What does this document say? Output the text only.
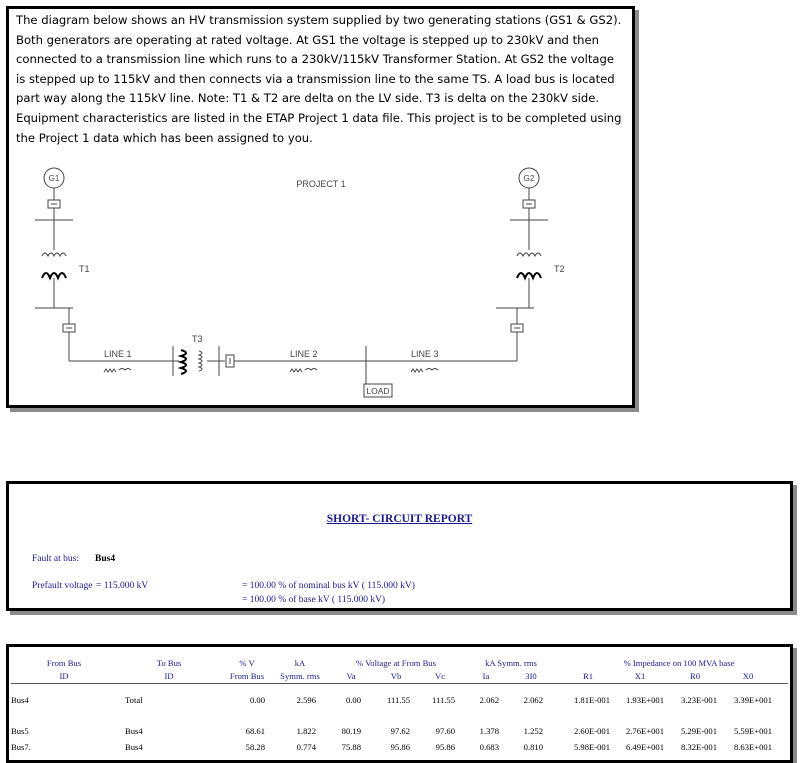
The diagram below shows an HV transmission system supplied by two generating stations (GS1 & GS2). Both generators are operating at rated voltage. At GS1 the voltage is stepped up to 230kV and then connected to a transmission line which runs to a 230kV/115kV Transformer Station. At GS2 the voltage is stepped up to 115kV and then connects via a transmission line to the same TS. A load bus is located part way along the 115kV line. Note: T1 & T2 are delta on the LV side. T3 is delta on the 230kV side.
Equipment characteristics are listed in the ETAP Project 1 data file. This project is to be completed using the Project 1 data which has been assigned to you.
G1	G2
PROJECT 1
T1	T2
T3
LINE 1	LINE 2	LINE 3
LOAD
SHORT- CIRCUIT REPORT
Fault at bus: Bus4
Prefault voltage = 115.000 kV	= 100.00 % of nominal bus kV ( 115.000 kV)
= 100.00 % of base kV ( 115.000 kV)
From Bus
ID
To Bus
ID
% V
From Bus
kA
Symm. rms
% Voltage at From Bus
Va	Vb	Vc
kA Symm. rms
Ia	3I0
% Impedance on 100 MVA base
R1	X1	R0	X0
Bus4	Total	0.00	2.596	0.00	111.55	111.55	2.062	2.062	1.81E-001 1.93E+001 3.23E-001 3.39E+001
Bus5	Bus4	68.61	1.822	80.19	97.62	97.60	1.378	1.252	2.60E-001 2.76E+001 5.29E-001 5.59E+001
Bus7.	Bus4	58.28	0.774	75.88	95.86	95.86	0.683	0.810	5.98E-001 6.49E+001 8.32E-001 8.63E+001
